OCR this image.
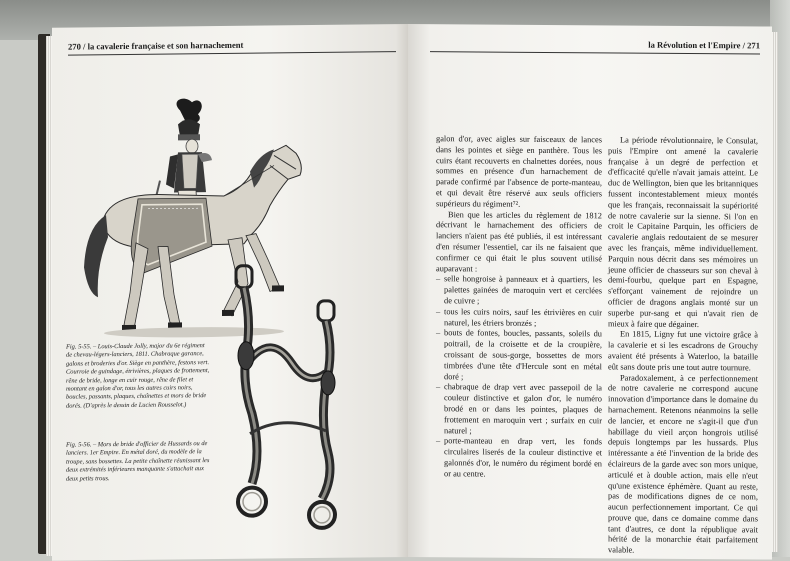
270 / la cavalerie française et son harnachement

Fig. 5-55. – Louis-Claude Jolly, major du 6e régiment de chevau-légers-lanciers, 1811. Chabraque garance, galons et broderies d'or. Siège en panthère, festons vert. Courroie de guindage, étrivières, plaques de frottement, rêne de bride, longe en cuir rouge, rêne de filet et montant en galon d'or, tous les autres cuirs noirs, boucles, passants, plaques, chaînettes et mors de bride dorés. (D'après le dessin de Lucien Rousselot.)

Fig. 5-56. – Mors de bride d'officier de Hussards ou de lanciers. 1er Empire. En métal doré, du modèle de la troupe, sans bossettes. La petite chaînette réunissant les deux extrémités inférieures manquante s'attachait aux deux petits trous.

la Révolution et l'Empire / 271

galon d'or, avec aigles sur faisceaux de lances dans les pointes et siège en panthère. Tous les cuirs étant recouverts en chalnettes dorées, nous sommes en présence d'un harnachement de parade confirmé par l'absence de porte-manteau, et qui devait être réservé aux seuls officiers supérieurs du régiment⁷².

Bien que les articles du règlement de 1812 décrivant le harnachement des officiers de lanciers n'aient pas été publiés, il est intéressant d'en résumer l'essentiel, car ils ne faisaient que confirmer ce qui était le plus souvent utilisé auparavant :

– selle hongroise à panneaux et à quartiers, les palettes gainées de maroquin vert et cerclées de cuivre ;
– tous les cuirs noirs, sauf les étrivières en cuir naturel, les étriers bronzés ;
– bouts de fontes, boucles, passants, soleils du poitrail, de la croisette et de la croupière, croissant de sous-gorge, bossettes de mors timbrées d'une tête d'Hercule sont en métal doré ;
– chabraque de drap vert avec passepoil de la couleur distinctive et galon d'or, le numéro brodé en or dans les pointes, plaques de frottement en maroquin vert ; surfaix en cuir naturel ;
– porte-manteau en drap vert, les fonds circulaires liserés de la couleur distinctive et galonnés d'or, le numéro du régiment bordé en or au centre.

La période révolutionnaire, le Consulat, puis l'Empire ont amené la cavalerie française à un degré de perfection et d'efficacité qu'elle n'avait jamais atteint. Le duc de Wellington, bien que les britanniques fussent incontestablement mieux montés que les français, reconnaissait la supériorité de notre cavalerie sur la sienne. Si l'on en croit le Capitaine Parquin, les officiers de cavalerie anglais redoutaient de se mesurer avec les français, même individuellement. Parquin nous décrit dans ses mémoires un jeune officier de chasseurs sur son cheval à demi-fourbu, quelque part en Espagne, s'efforçant vainement de rejoindre un officier de dragons anglais monté sur un superbe pur-sang et qui n'avait rien de mieux à faire que dégainer.

En 1815, Ligny fut une victoire grâce à la cavalerie et si les escadrons de Grouchy avaient été présents à Waterloo, la bataille eût sans doute pris une tout autre tournure.

Paradoxalement, à ce perfectionnement de notre cavalerie ne correspond aucune innovation d'importance dans le domaine du harnachement. Retenons néanmoins la selle de lancier, et encore ne s'agit-il que d'un habillage du vieil arçon hongrois utilisé depuis longtemps par les hussards. Plus intéressante a été l'invention de la bride des éclaireurs de la garde avec son mors unique, articulé et à double action, mais elle n'eut qu'une existence éphémère. Quant au reste, pas de modifications dignes de ce nom, aucun perfectionnement important. Ce qui prouve que, dans ce domaine comme dans tant d'autres, ce dont la république avait hérité de la monarchie était parfaitement valable.
